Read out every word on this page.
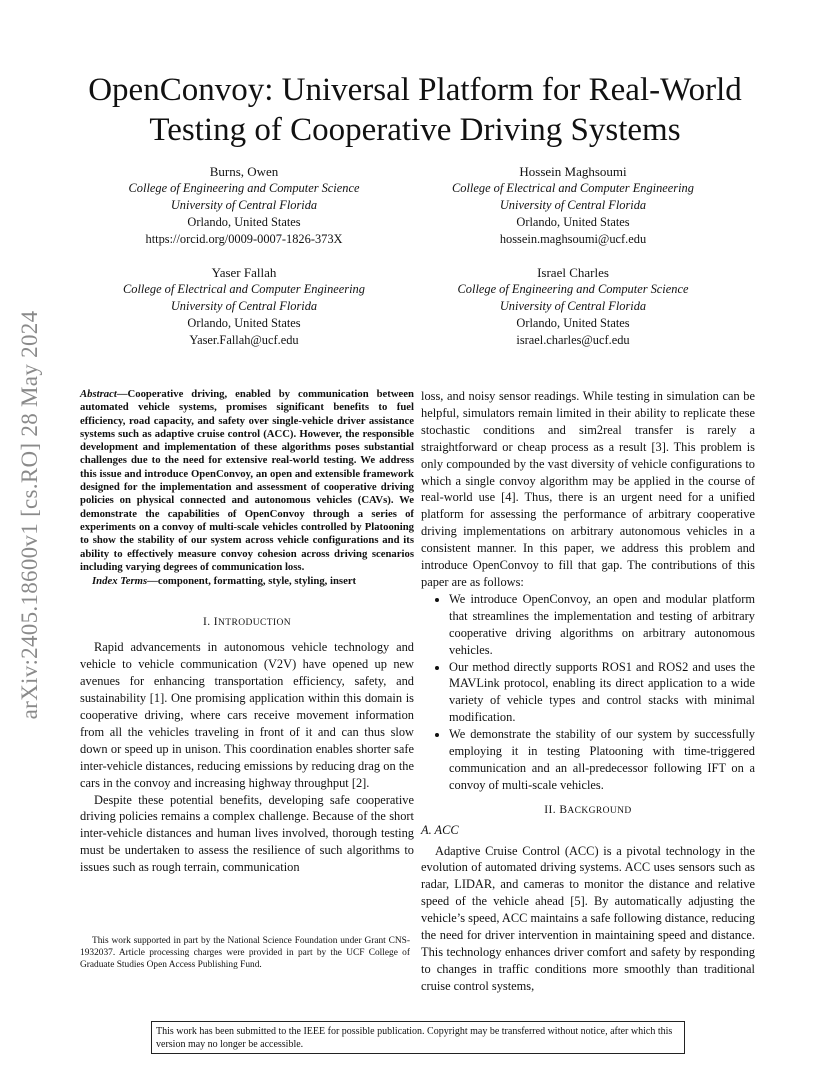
arXiv:2405.18600v1 [cs.RO] 28 May 2024
OpenConvoy: Universal Platform for Real-World
Testing of Cooperative Driving Systems
Burns, Owen
College of Engineering and Computer Science
University of Central Florida
Orlando, United States
https://orcid.org/0009-0007-1826-373X
Hossein Maghsoumi
College of Electrical and Computer Engineering
University of Central Florida
Orlando, United States
hossein.maghsoumi@ucf.edu
Yaser Fallah
College of Electrical and Computer Engineering
University of Central Florida
Orlando, United States
Yaser.Fallah@ucf.edu
Israel Charles
College of Engineering and Computer Science
University of Central Florida
Orlando, United States
israel.charles@ucf.edu
Abstract—Cooperative driving, enabled by communication between automated vehicle systems, promises significant benefits to fuel efficiency, road capacity, and safety over single-vehicle driver assistance systems such as adaptive cruise control (ACC). However, the responsible development and implementation of these algorithms poses substantial challenges due to the need for extensive real-world testing. We address this issue and introduce OpenConvoy, an open and extensible framework designed for the implementation and assessment of cooperative driving policies on physical connected and autonomous vehicles (CAVs). We demonstrate the capabilities of OpenConvoy through a series of experiments on a convoy of multi-scale vehicles controlled by Platooning to show the stability of our system across vehicle configurations and its ability to effectively measure convoy cohesion across driving scenarios including varying degrees of communication loss.
Index Terms—component, formatting, style, styling, insert
I. INTRODUCTION

Rapid advancements in autonomous vehicle technology and vehicle to vehicle communication (V2V) have opened up new avenues for enhancing transportation efficiency, safety, and sustainability [1]. One promising application within this domain is cooperative driving, where cars receive movement information from all the vehicles traveling in front of it and can thus slow down or speed up in unison. This coordination enables shorter safe inter-vehicle distances, reducing emissions by reducing drag on the cars in the convoy and increasing highway throughput [2].

Despite these potential benefits, developing safe cooperative driving policies remains a complex challenge. Because of the short inter-vehicle distances and human lives involved, thorough testing must be undertaken to assess the resilience of such algorithms to issues such as rough terrain, communication

loss, and noisy sensor readings. While testing in simulation can be helpful, simulators remain limited in their ability to replicate these stochastic conditions and sim2real transfer is rarely a straightforward or cheap process as a result [3]. This problem is only compounded by the vast diversity of vehicle configurations to which a single convoy algorithm may be applied in the course of real-world use [4]. Thus, there is an urgent need for a unified platform for assessing the performance of arbitrary cooperative driving implementations on arbitrary autonomous vehicles in a consistent manner. In this paper, we address this problem and introduce OpenConvoy to fill that gap. The contributions of this paper are as follows:

• We introduce OpenConvoy, an open and modular platform that streamlines the implementation and testing of arbitrary cooperative driving algorithms on arbitrary autonomous vehicles.
• Our method directly supports ROS1 and ROS2 and uses the MAVLink protocol, enabling its direct application to a wide variety of vehicle types and control stacks with minimal modification.
• We demonstrate the stability of our system by successfully employing it in testing Platooning with time-triggered communication and an all-predecessor following IFT on a convoy of multi-scale vehicles.
II. BACKGROUND
A. ACC

Adaptive Cruise Control (ACC) is a pivotal technology in the evolution of automated driving systems. ACC uses sensors such as radar, LIDAR, and cameras to monitor the distance and relative speed of the vehicle ahead [5]. By automatically adjusting the vehicle’s speed, ACC maintains a safe following distance, reducing the need for driver intervention in maintaining speed and distance. This technology enhances driver comfort and safety by responding to changes in traffic conditions more smoothly than traditional cruise control systems,

This work supported in part by the National Science Foundation under Grant CNS-1932037. Article processing charges were provided in part by the UCF College of Graduate Studies Open Access Publishing Fund.
This work has been submitted to the IEEE for possible publication. Copyright may be transferred without notice, after which this version may no longer be accessible.
